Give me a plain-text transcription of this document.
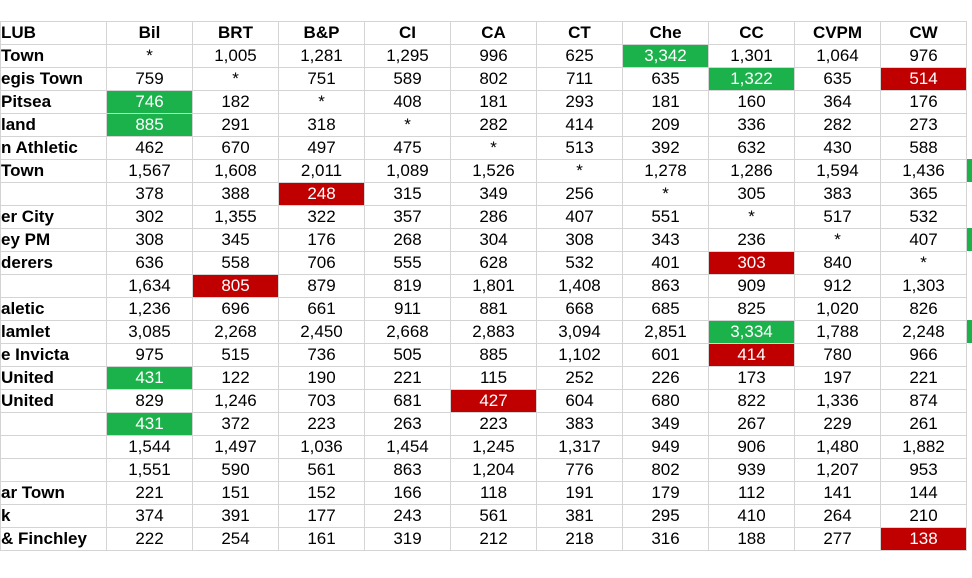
LUB	Bil	BRT	B&P	CI	CA	CT	Che	CC	CVPM	CW
Town	*	1,005	1,281	1,295	996	625	3,342	1,301	1,064	976
egis Town	759	*	751	589	802	711	635	1,322	635	514
Pitsea	746	182	*	408	181	293	181	160	364	176
land	885	291	318	*	282	414	209	336	282	273
n Athletic	462	670	497	475	*	513	392	632	430	588
Town	1,567	1,608	2,011	1,089	1,526	*	1,278	1,286	1,594	1,436
	378	388	248	315	349	256	*	305	383	365
er City	302	1,355	322	357	286	407	551	*	517	532
ey PM	308	345	176	268	304	308	343	236	*	407
derers	636	558	706	555	628	532	401	303	840	*
	1,634	805	879	819	1,801	1,408	863	909	912	1,303
aletic	1,236	696	661	911	881	668	685	825	1,020	826
lamlet	3,085	2,268	2,450	2,668	2,883	3,094	2,851	3,334	1,788	2,248
e Invicta	975	515	736	505	885	1,102	601	414	780	966
United	431	122	190	221	115	252	226	173	197	221
United	829	1,246	703	681	427	604	680	822	1,336	874
	431	372	223	263	223	383	349	267	229	261
	1,544	1,497	1,036	1,454	1,245	1,317	949	906	1,480	1,882
	1,551	590	561	863	1,204	776	802	939	1,207	953
ar Town	221	151	152	166	118	191	179	112	141	144
k	374	391	177	243	561	381	295	410	264	210
& Finchley	222	254	161	319	212	218	316	188	277	138
